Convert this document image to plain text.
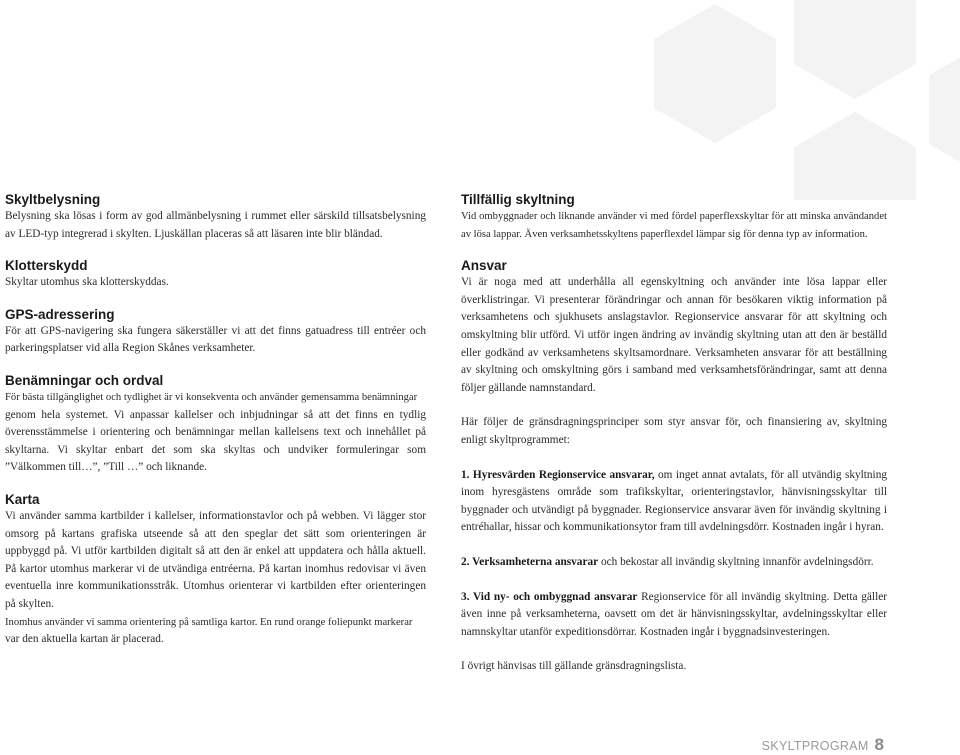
Skyltbelysning

Belysning ska lösas i form av god allmänbelysning i rummet eller särskild tillsatsbelysning av LED-typ integrerad i skylten. Ljuskällan placeras så att läsaren inte blir bländad.

Klotterskydd

Skyltar utomhus ska klotterskyddas.

GPS-adressering

För att GPS-navigering ska fungera säkerställer vi att det finns gatuadress till entréer och parkeringsplatser vid alla Region Skånes verksamheter.

Benämningar och ordval

För bästa tillgänglighet och tydlighet är vi konsekventa och använder gemensamma benämningar

genom hela systemet. Vi anpassar kallelser och inbjudningar så att det finns en tydlig överensstämmelse i orientering och benämningar mellan kallelsens text och innehållet på skyltarna. Vi skyltar enbart det som ska skyltas och undviker formuleringar som ”Välkommen till…”, ”Till …” och liknande.

Karta

Vi använder samma kartbilder i kallelser, informationstavlor och på webben. Vi lägger stor omsorg på kartans grafiska utseende så att den speglar det sätt som orienteringen är uppbyggd på. Vi utför kartbilden digitalt så att den är enkel att uppdatera och hålla aktuell. På kartor utomhus markerar vi de utvändiga entréerna. På kartan inomhus redovisar vi även eventuella inre kommunikationsstråk. Utomhus orienterar vi kartbilden efter orienteringen på skylten.

Inomhus använder vi samma orientering på samtliga kartor. En rund orange foliepunkt markerar

var den aktuella kartan är placerad.

Tillfällig skyltning

Vid ombyggnader och liknande använder vi med fördel paperflexskyltar för att minska användandet av lösa lappar. Även verksamhetsskyltens paperflexdel lämpar sig för denna typ av information.

Ansvar

Vi är noga med att underhålla all egenskyltning och använder inte lösa lappar eller överklistringar. Vi presenterar förändringar och annan för besökaren viktig information på verksamhetens och sjukhusets anslagstavlor. Regionservice ansvarar för att skyltning och omskyltning blir utförd. Vi utför ingen ändring av invändig skyltning utan att den är beställd eller godkänd av verksamhetens skyltsamordnare. Verksamheten ansvarar för att beställning av skyltning och omskyltning görs i samband med verksamhetsförändringar, samt att denna följer gällande namnstandard.

Här följer de gränsdragningsprinciper som styr ansvar för, och finansiering av, skyltning enligt skyltprogrammet:

1. Hyresvärden Regionservice ansvarar, om inget annat avtalats, för all utvändig skyltning inom hyresgästens område som trafikskyltar, orienteringstavlor, hänvisningsskyltar till byggnader och utvändigt på byggnader. Regionservice ansvarar även för invändig skyltning i entréhallar, hissar och kommunikationsytor fram till avdelningsdörr. Kostnaden ingår i hyran.

2. Verksamheterna ansvarar och bekostar all invändig skyltning innanför avdelningsdörr.

3. Vid ny- och ombyggnad ansvarar Regionservice för all invändig skyltning. Detta gäller även inne på verksamheterna, oavsett om det är hänvisningsskyltar, avdelningsskyltar eller namnskyltar utanför expeditionsdörrar. Kostnaden ingår i byggnadsinvesteringen.

I övrigt hänvisas till gällande gränsdragningslista.

SKYLTPROGRAM 8
